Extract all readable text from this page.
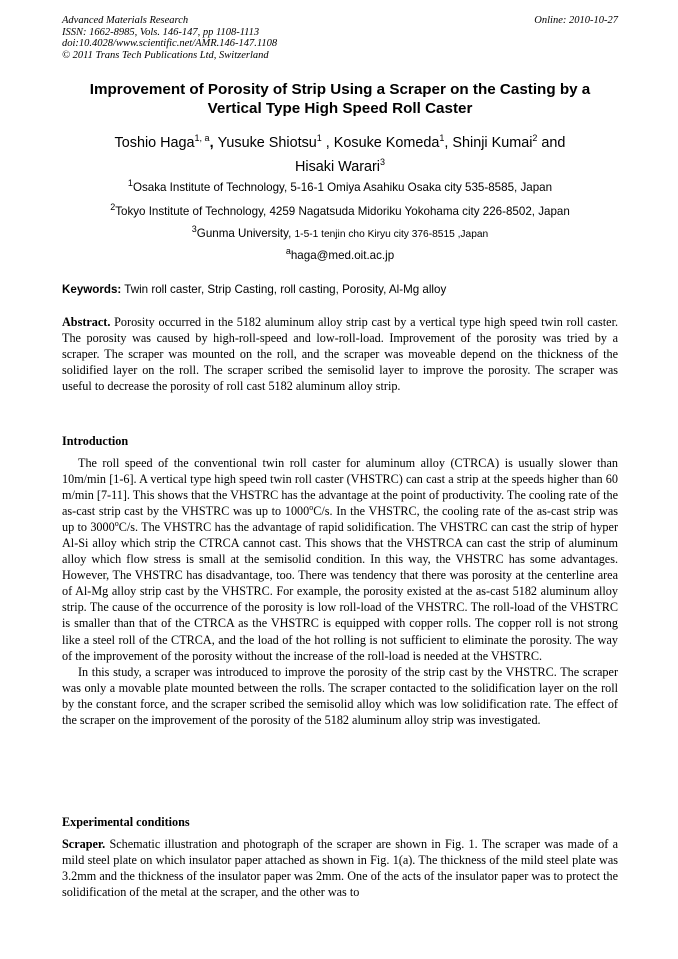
Advanced Materials Research
ISSN: 1662-8985, Vols. 146-147, pp 1108-1113
doi:10.4028/www.scientific.net/AMR.146-147.1108
© 2011 Trans Tech Publications Ltd, Switzerland
Online: 2010-10-27
Improvement of Porosity of Strip Using a Scraper on the Casting by a
Vertical Type High Speed Roll Caster
Toshio Haga$^{1, a}$, Yusuke Shiotsu$^1$ , Kosuke Komeda$^1$, Shinji Kumai$^2$ and
Hisaki Warari$^3$
$^1$Osaka Institute of Technology, 5-16-1 Omiya Asahiku Osaka city 535-8585, Japan
$^2$Tokyo Institute of Technology, 4259 Nagatsuda Midoriku Yokohama city 226-8502, Japan
$^3$Gunma University, 1-5-1 tenjin cho Kiryu city 376-8515 ,Japan
$^a$haga@med.oit.ac.jp
Keywords: Twin roll caster, Strip Casting, roll casting, Porosity, Al-Mg alloy

Abstract. Porosity occurred in the 5182 aluminum alloy strip cast by a vertical type high speed twin roll caster. The porosity was caused by high-roll-speed and low-roll-load. Improvement of the porosity was tried by a scraper. The scraper was mounted on the roll, and the scraper was moveable depend on the thickness of the solidified layer on the roll. The scraper scribed the semisolid layer to improve the porosity. The scraper was useful to decrease the porosity of roll cast 5182 aluminum alloy strip.

Introduction

The roll speed of the conventional twin roll caster for aluminum alloy (CTRCA) is usually slower than 10m/min [1-6]. A vertical type high speed twin roll caster (VHSTRC) can cast a strip at the speeds higher than 60 m/min [7-11]. This shows that the VHSTRC has the advantage at the point of productivity. The cooling rate of the as-cast strip cast by the VHSTRC was up to 1000$^o$C/s. In the VHSTRC, the cooling rate of the as-cast strip was up to 3000$^o$C/s. The VHSTRC has the advantage of rapid solidification. The VHSTRC can cast the strip of hyper Al-Si alloy which strip the CTRCA cannot cast. This shows that the VHSTRCA can cast the strip of aluminum alloy which flow stress is small at the semisolid condition. In this way, the VHSTRC has some advantages. However, The VHSTRC has disadvantage, too. There was tendency that there was porosity at the centerline area of Al-Mg alloy strip cast by the VHSTRC. For example, the porosity existed at the as-cast 5182 aluminum alloy strip. The cause of the occurrence of the porosity is low roll-load of the VHSTRC. The roll-load of the VHSTRC is smaller than that of the CTRCA as the VHSTRC is equipped with copper rolls. The copper roll is not strong like a steel roll of the CTRCA, and the load of the hot rolling is not sufficient to eliminate the porosity. The way of the improvement of the porosity without the increase of the roll-load is needed at the VHSTRC.

In this study, a scraper was introduced to improve the porosity of the strip cast by the VHSTRC. The scraper was only a movable plate mounted between the rolls. The scraper contacted to the solidification layer on the roll by the constant force, and the scraper scribed the semisolid alloy which was low solidification rate. The effect of the scraper on the improvement of the porosity of the 5182 aluminum alloy strip was investigated.

Experimental conditions

Scraper. Schematic illustration and photograph of the scraper are shown in Fig. 1. The scraper was made of a mild steel plate on which insulator paper attached as shown in Fig. 1(a). The thickness of the mild steel plate was 3.2mm and the thickness of the insulator paper was 2mm. One of the acts of the insulator paper was to protect the solidification of the metal at the scraper, and the other was to
